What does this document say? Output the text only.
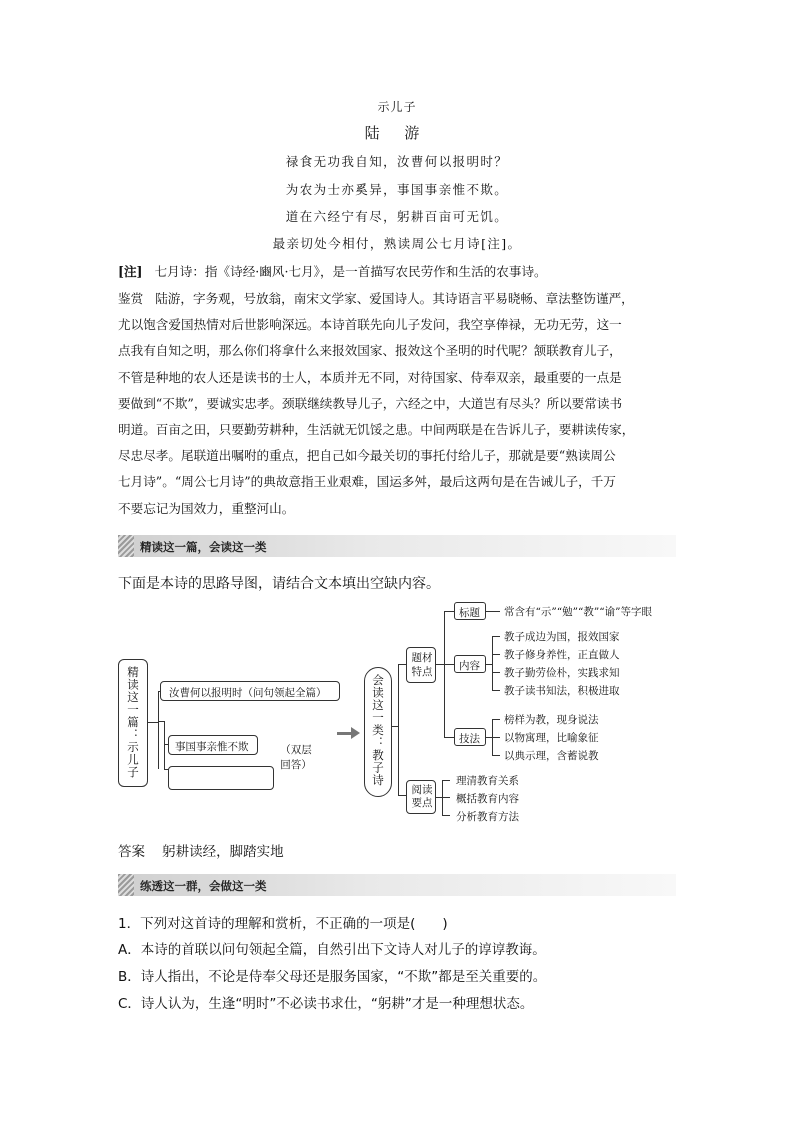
示儿子
陆 游
禄食无功我自知，汝曹何以报明时？
为农为士亦奚异，事国事亲惟不欺。
道在六经宁有尽，躬耕百亩可无饥。
最亲切处今相付，熟读周公七月诗[注]。
[注] 七月诗：指《诗经·豳风·七月》，是一首描写农民劳作和生活的农事诗。
鉴赏 陆游，字务观，号放翁，南宋文学家、爱国诗人。其诗语言平易晓畅、章法整饬谨严，
尤以饱含爱国热情对后世影响深远。本诗首联先向儿子发问，我空享俸禄，无功无劳，这一
点我有自知之明，那么你们将拿什么来报效国家、报效这个圣明的时代呢？颔联教育儿子，
不管是种地的农人还是读书的士人，本质并无不同，对待国家、侍奉双亲，最重要的一点是
要做到“不欺”，要诚实忠孝。颈联继续教导儿子，六经之中，大道岂有尽头？所以要常读书
明道。百亩之田，只要勤劳耕种，生活就无饥馁之患。中间两联是在告诉儿子，要耕读传家，
尽忠尽孝。尾联道出嘱咐的重点，把自己如今最关切的事托付给儿子，那就是要“熟读周公
七月诗”。“周公七月诗”的典故意指王业艰难，国运多舛，最后这两句是在告诫儿子，千万
不要忘记为国效力，重整河山。
精读这一篇，会读这一类
下面是本诗的思路导图，请结合文本填出空缺内容。
精读这一篇：示儿子	汝曹何以报明时（问句领起全篇）
事国事亲惟不欺	（双层回答）	会读这一类：教子诗
题材特点
标题 常含有“示”“勉”“教”“谕”等字眼
内容
教子成边为国，报效国家
教子修身养性，正直做人
教子勤劳俭朴，实践求知
教子读书知法，积极进取
技法
榜样为教，现身说法
以物寓理，比喻象征
以典示理，含蓄说教
阅读要点
理清教育关系
概括教育内容
分析教育方法
答案 躬耕读经，脚踏实地
练透这一群，会做这一类
1．下列对这首诗的理解和赏析，不正确的一项是(　　)
A．本诗的首联以问句领起全篇，自然引出下文诗人对儿子的谆谆教诲。
B．诗人指出，不论是侍奉父母还是服务国家，“不欺”都是至关重要的。
C．诗人认为，生逢“明时”不必读书求仕，“躬耕”才是一种理想状态。
